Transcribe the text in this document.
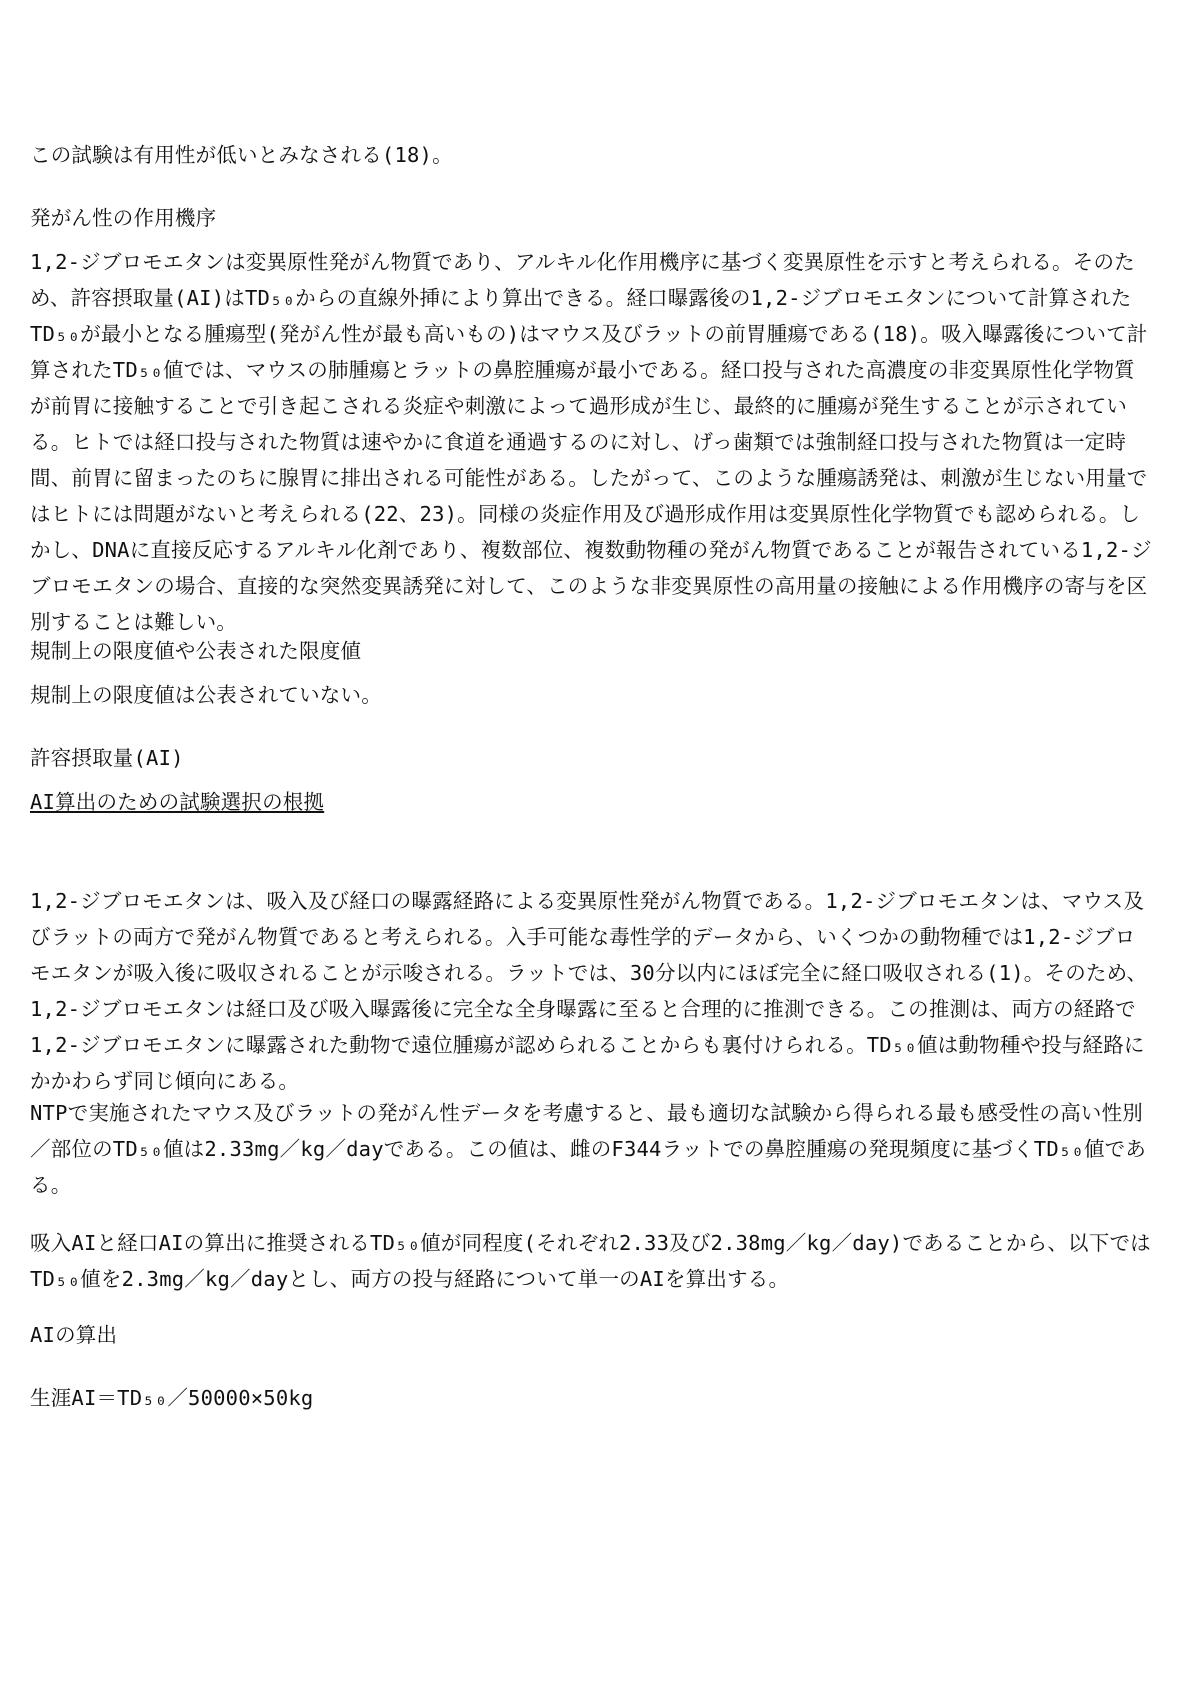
この試験は有用性が低いとみなされる(18)。

発がん性の作用機序

1,2-ジブロモエタンは変異原性発がん物質であり、アルキル化作用機序に基づく変異原性を示すと考えられる。そのため、許容摂取量(AI)はTD₅₀からの直線外挿により算出できる。経口曝露後の1,2-ジブロモエタンについて計算されたTD₅₀が最小となる腫瘍型(発がん性が最も高いもの)はマウス及びラットの前胃腫瘍である(18)。吸入曝露後について計算されたTD₅₀値では、マウスの肺腫瘍とラットの鼻腔腫瘍が最小である。経口投与された高濃度の非変異原性化学物質が前胃に接触することで引き起こされる炎症や刺激によって過形成が生じ、最終的に腫瘍が発生することが示されている。ヒトでは経口投与された物質は速やかに食道を通過するのに対し、げっ歯類では強制経口投与された物質は一定時間、前胃に留まったのちに腺胃に排出される可能性がある。したがって、このような腫瘍誘発は、刺激が生じない用量ではヒトには問題がないと考えられる(22、23)。同様の炎症作用及び過形成作用は変異原性化学物質でも認められる。しかし、DNAに直接反応するアルキル化剤であり、複数部位、複数動物種の発がん物質であることが報告されている1,2-ジブロモエタンの場合、直接的な突然変異誘発に対して、このような非変異原性の高用量の接触による作用機序の寄与を区別することは難しい。

規制上の限度値や公表された限度値

規制上の限度値は公表されていない。

許容摂取量(AI)

AI算出のための試験選択の根拠

1,2-ジブロモエタンは、吸入及び経口の曝露経路による変異原性発がん物質である。1,2-ジブロモエタンは、マウス及びラットの両方で発がん物質であると考えられる。入手可能な毒性学的データから、いくつかの動物種では1,2-ジブロモエタンが吸入後に吸収されることが示唆される。ラットでは、30分以内にほぼ完全に経口吸収される(1)。そのため、1,2-ジブロモエタンは経口及び吸入曝露後に完全な全身曝露に至ると合理的に推測できる。この推測は、両方の経路で1,2-ジブロモエタンに曝露された動物で遠位腫瘍が認められることからも裏付けられる。TD₅₀値は動物種や投与経路にかかわらず同じ傾向にある。

NTPで実施されたマウス及びラットの発がん性データを考慮すると、最も適切な試験から得られる最も感受性の高い性別／部位のTD₅₀値は2.33mg／kg／dayである。この値は、雌のF344ラットでの鼻腔腫瘍の発現頻度に基づくTD₅₀値である。

吸入AIと経口AIの算出に推奨されるTD₅₀値が同程度(それぞれ2.33及び2.38mg／kg／day)であることから、以下ではTD₅₀値を2.3mg／kg／dayとし、両方の投与経路について単一のAIを算出する。

AIの算出

生涯AI＝TD₅₀／50000×50kg
